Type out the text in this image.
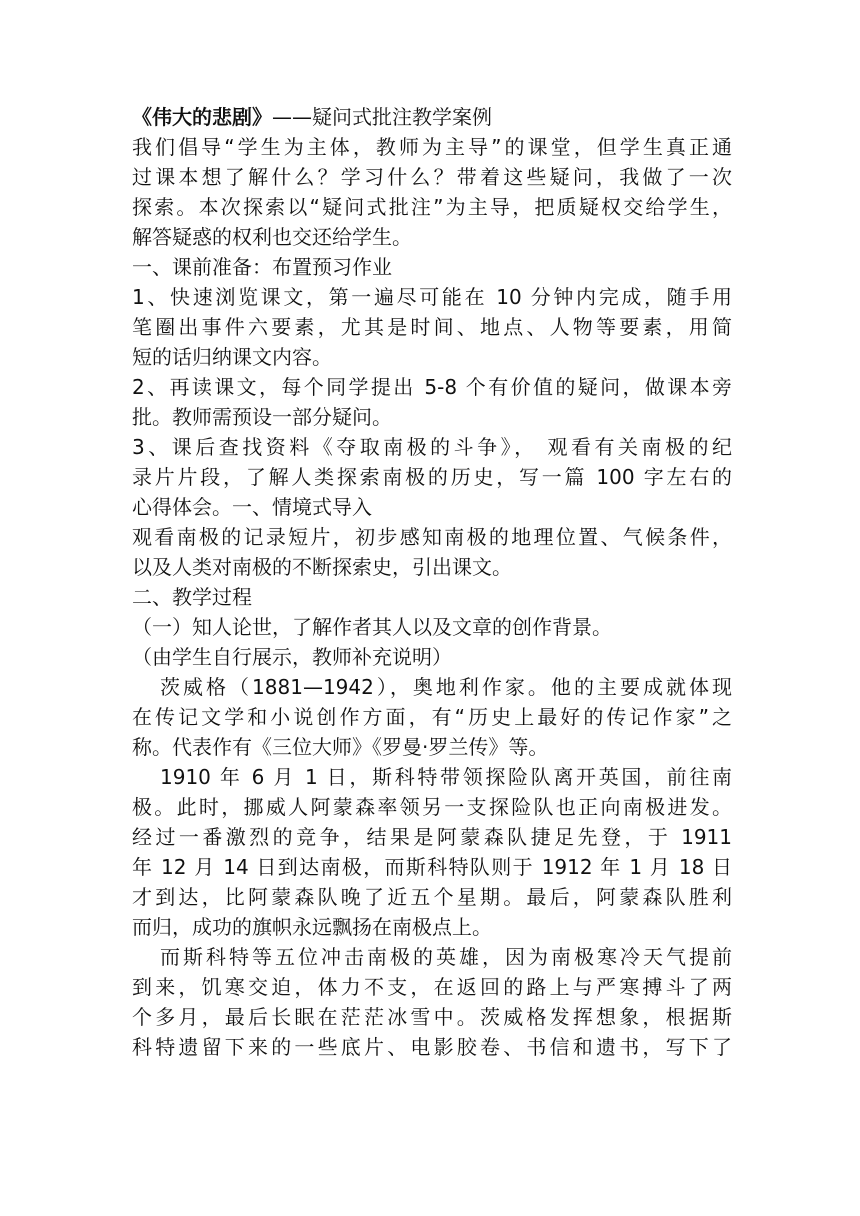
《伟大的悲剧》——疑问式批注教学案例
我们倡导“学生为主体，教师为主导”的课堂，但学生真正通
过课本想了解什么？学习什么？带着这些疑问，我做了一次
探索。本次探索以“疑问式批注”为主导，把质疑权交给学生，
解答疑惑的权利也交还给学生。
一、课前准备：布置预习作业
1、快速浏览课文，第一遍尽可能在 10 分钟内完成，随手用
笔圈出事件六要素，尤其是时间、地点、人物等要素，用简
短的话归纳课文内容。
2、再读课文，每个同学提出 5-8 个有价值的疑问，做课本旁
批。教师需预设一部分疑问。
3、课后查找资料《夺取南极的斗争》， 观看有关南极的纪
录片片段，了解人类探索南极的历史，写一篇 100 字左右的
心得体会。一、情境式导入
观看南极的记录短片，初步感知南极的地理位置、气候条件，
以及人类对南极的不断探索史，引出课文。
二、教学过程
（一）知人论世，了解作者其人以及文章的创作背景。
（由学生自行展示，教师补充说明）
茨威格（1881—1942），奥地利作家。他的主要成就体现
在传记文学和小说创作方面，有“历史上最好的传记作家”之
称。代表作有《三位大师》《罗曼·罗兰传》等。
1910 年 6 月 1 日，斯科特带领探险队离开英国，前往南
极。此时，挪威人阿蒙森率领另一支探险队也正向南极进发。
经过一番激烈的竞争，结果是阿蒙森队捷足先登，于 1911
年 12 月 14 日到达南极，而斯科特队则于 1912 年 1 月 18 日
才到达，比阿蒙森队晚了近五个星期。最后，阿蒙森队胜利
而归，成功的旗帜永远飘扬在南极点上。
而斯科特等五位冲击南极的英雄，因为南极寒冷天气提前
到来，饥寒交迫，体力不支，在返回的路上与严寒搏斗了两
个多月，最后长眠在茫茫冰雪中。茨威格发挥想象，根据斯
科特遗留下来的一些底片、电影胶卷、书信和遗书，写下了
